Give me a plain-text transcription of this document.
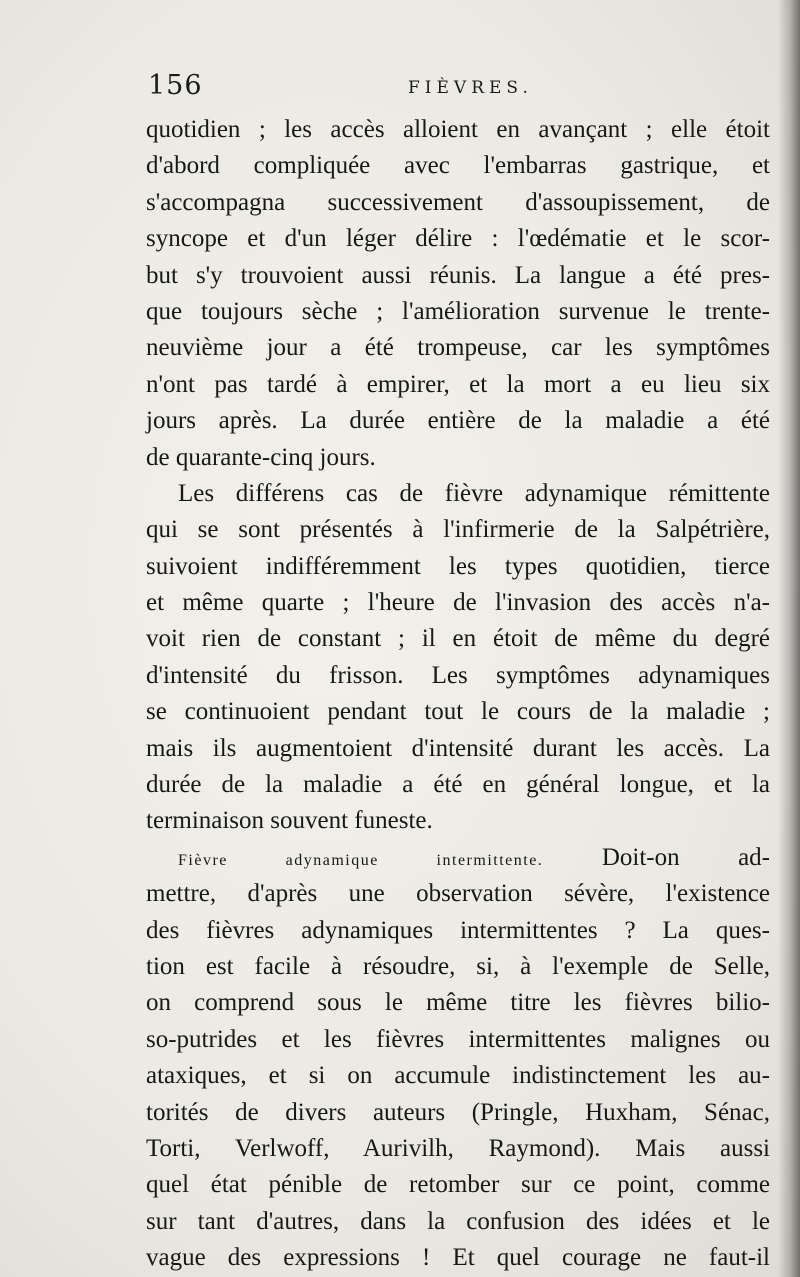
156	FIÈVRES.
quotidien ; les accès alloient en avançant ; elle étoit
d'abord compliquée avec l'embarras gastrique, et
s'accompagna successivement d'assoupissement, de
syncope et d'un léger délire : l'œdématie et le scor-
but s'y trouvoient aussi réunis. La langue a été pres-
que toujours sèche ; l'amélioration survenue le trente-
neuvième jour a été trompeuse, car les symptômes
n'ont pas tardé à empirer, et la mort a eu lieu six
jours après. La durée entière de la maladie a été
de quarante-cinq jours.
Les différens cas de fièvre adynamique rémittente
qui se sont présentés à l'infirmerie de la Salpétrière,
suivoient indifféremment les types quotidien, tierce
et même quarte ; l'heure de l'invasion des accès n'a-
voit rien de constant ; il en étoit de même du degré
d'intensité du frisson. Les symptômes adynamiques
se continuoient pendant tout le cours de la maladie ;
mais ils augmentoient d'intensité durant les accès. La
durée de la maladie a été en général longue, et la
terminaison souvent funeste.
Fièvre adynamique intermittente. Doit-on ad-
mettre, d'après une observation sévère, l'existence
des fièvres adynamiques intermittentes ? La ques-
tion est facile à résoudre, si, à l'exemple de Selle,
on comprend sous le même titre les fièvres bilio-
so-putrides et les fièvres intermittentes malignes ou
ataxiques, et si on accumule indistinctement les au-
torités de divers auteurs (Pringle, Huxham, Sénac,
Torti, Verlwoff, Aurivilh, Raymond). Mais aussi
quel état pénible de retomber sur ce point, comme
sur tant d'autres, dans la confusion des idées et le
vague des expressions ! Et quel courage ne faut-il
